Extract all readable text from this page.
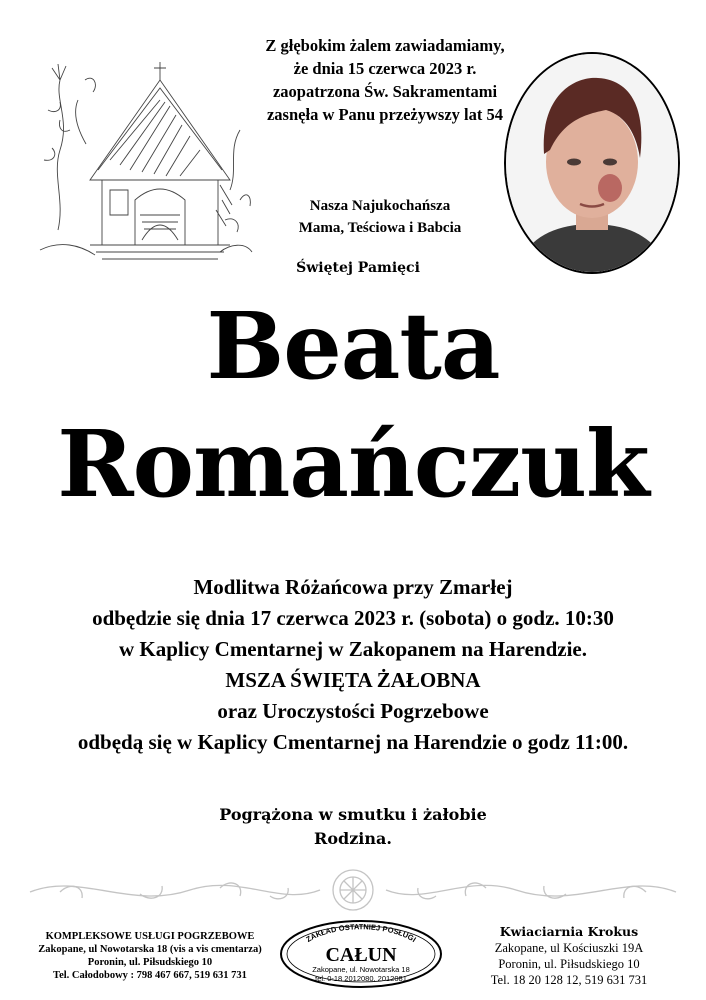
Z głębokim żalem zawiadamiamy,
że dnia 15 czerwca 2023 r.
zaopatrzona Św. Sakramentami
zasnęła w Panu przeżywszy lat 54
Nasza Najukochańsza
Mama, Teściowa i Babcia
Świętej Pamięci
Beata
Romańczuk
Modlitwa Różańcowa przy Zmarłej
odbędzie się dnia 17 czerwca 2023 r. (sobota) o godz. 10:30
w Kaplicy Cmentarnej w Zakopanem na Harendzie.
MSZA ŚWIĘTA ŻAŁOBNA
oraz Uroczystości Pogrzebowe
odbędą się w Kaplicy Cmentarnej na Harendzie o godz 11:00.
Pogrążona w smutku i żałobie
Rodzina.
KOMPLEKSOWE USŁUGI POGRZEBOWE
Zakopane, ul Nowotarska 18 (vis a vis cmentarza)
Poronin, ul. Piłsudskiego 10
Tel. Całodobowy : 798 467 667, 519 631 731
ZAKŁAD OSTATNIEJ POSŁUGI
CAŁUN
Zakopane, ul. Nowotarska 18
tel. 0-18 2012080, 2012081
Kwiaciarnia Krokus
Zakopane, ul Kościuszki 19A
Poronin, ul. Piłsudskiego 10
Tel. 18 20 128 12, 519 631 731
